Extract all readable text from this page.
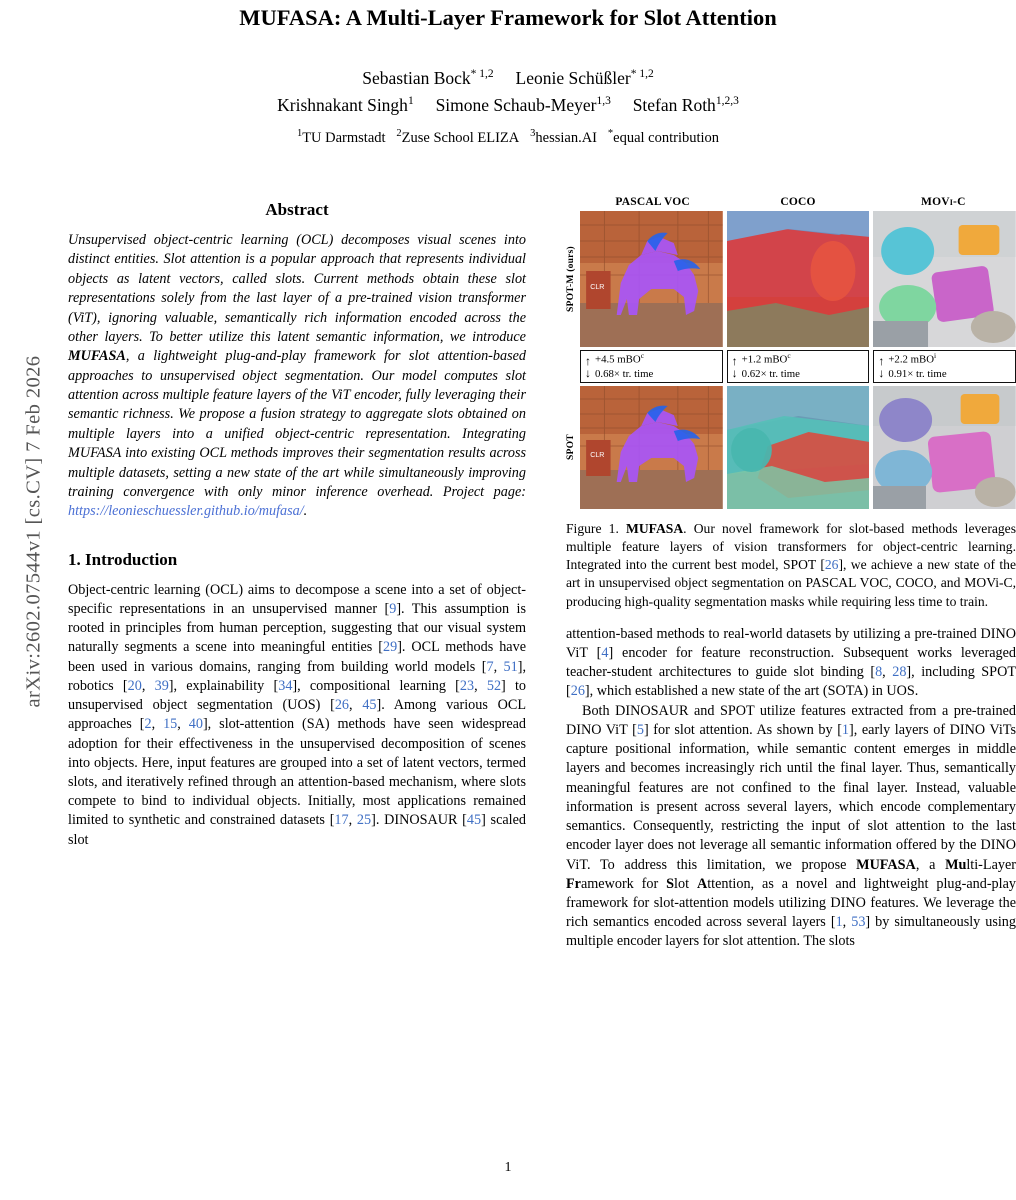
arXiv:2602.07544v1 [cs.CV] 7 Feb 2026
MUFASA: A Multi-Layer Framework for Slot Attention
Sebastian Bock$^{* 1,2}$ Leonie Schüßler$^{* 1,2}$
Krishnakant Singh$^1$ Simone Schaub-Meyer$^{1,3}$ Stefan Roth$^{1,2,3}$
$^1$TU Darmstadt $^2$Zuse School ELIZA $^3$hessian.AI *equal contribution
Abstract
Unsupervised object-centric learning (OCL) decomposes visual scenes into distinct entities. Slot attention is a popular approach that represents individual objects as latent vectors, called slots. Current methods obtain these slot representations solely from the last layer of a pre-trained vision transformer (ViT), ignoring valuable, semantically rich information encoded across the other layers. To better utilize this latent semantic information, we introduce MUFASA, a lightweight plug-and-play framework for slot attention-based approaches to unsupervised object segmentation. Our model computes slot attention across multiple feature layers of the ViT encoder, fully leveraging their semantic richness. We propose a fusion strategy to aggregate slots obtained on multiple layers into a unified object-centric representation. Integrating MUFASA into existing OCL methods improves their segmentation results across multiple datasets, setting a new state of the art while simultaneously improving training convergence with only minor inference overhead. Project page: https://leonieschuessler.github.io/mufasa/.
1. Introduction
Object-centric learning (OCL) aims to decompose a scene into a set of object-specific representations in an unsupervised manner [9]. This assumption is rooted in principles from human perception, suggesting that our visual system naturally segments a scene into meaningful entities [29]. OCL methods have been used in various domains, ranging from building world models [7, 51], robotics [20, 39], explainability [34], compositional learning [23, 52] to unsupervised object segmentation (UOS) [26, 45]. Among various OCL approaches [2, 15, 40], slot-attention (SA) methods have seen widespread adoption for their effectiveness in the unsupervised decomposition of scenes into objects. Here, input features are grouped into a set of latent vectors, termed slots, and iteratively refined through an attention-based mechanism, where slots compete to bind to individual objects. Initially, most applications remained limited to synthetic and constrained datasets [17, 25]. DINOSAUR [45] scaled slot
PASCAL VOC	COCO	MOVi-C
SPOT-M (ours)	CLR
↑
↓
+4.5 mBO$^c$
0.68× tr. time
↑
↓
+1.2 mBO$^c$
0.62× tr. time
↑
↓
+2.2 mBO$^i$
0.91× tr. time
SPOT	CLR
Figure 1. MUFASA. Our novel framework for slot-based methods leverages multiple feature layers of vision transformers for object-centric learning. Integrated into the current best model, SPOT [26], we achieve a new state of the art in unsupervised object segmentation on PASCAL VOC, COCO, and MOVi-C, producing high-quality segmentation masks while requiring less time to train.
attention-based methods to real-world datasets by utilizing a pre-trained DINO ViT [4] encoder for feature reconstruction. Subsequent works leveraged teacher-student architectures to guide slot binding [8, 28], including SPOT [26], which established a new state of the art (SOTA) in UOS.
Both DINOSAUR and SPOT utilize features extracted from a pre-trained DINO ViT [5] for slot attention. As shown by [1], early layers of DINO ViTs capture positional information, while semantic content emerges in middle layers and becomes increasingly rich until the final layer. Thus, semantically meaningful features are not confined to the final layer. Instead, valuable information is present across several layers, which encode complementary semantics. Consequently, restricting the input of slot attention to the last encoder layer does not leverage all semantic information offered by the DINO ViT. To address this limitation, we propose MUFASA, a Multi-Layer Framework for Slot Attention, as a novel and lightweight plug-and-play framework for slot-attention models utilizing DINO features. We leverage the rich semantics encoded across several layers [1, 53] by simultaneously using multiple encoder layers for slot attention. The slots
1
